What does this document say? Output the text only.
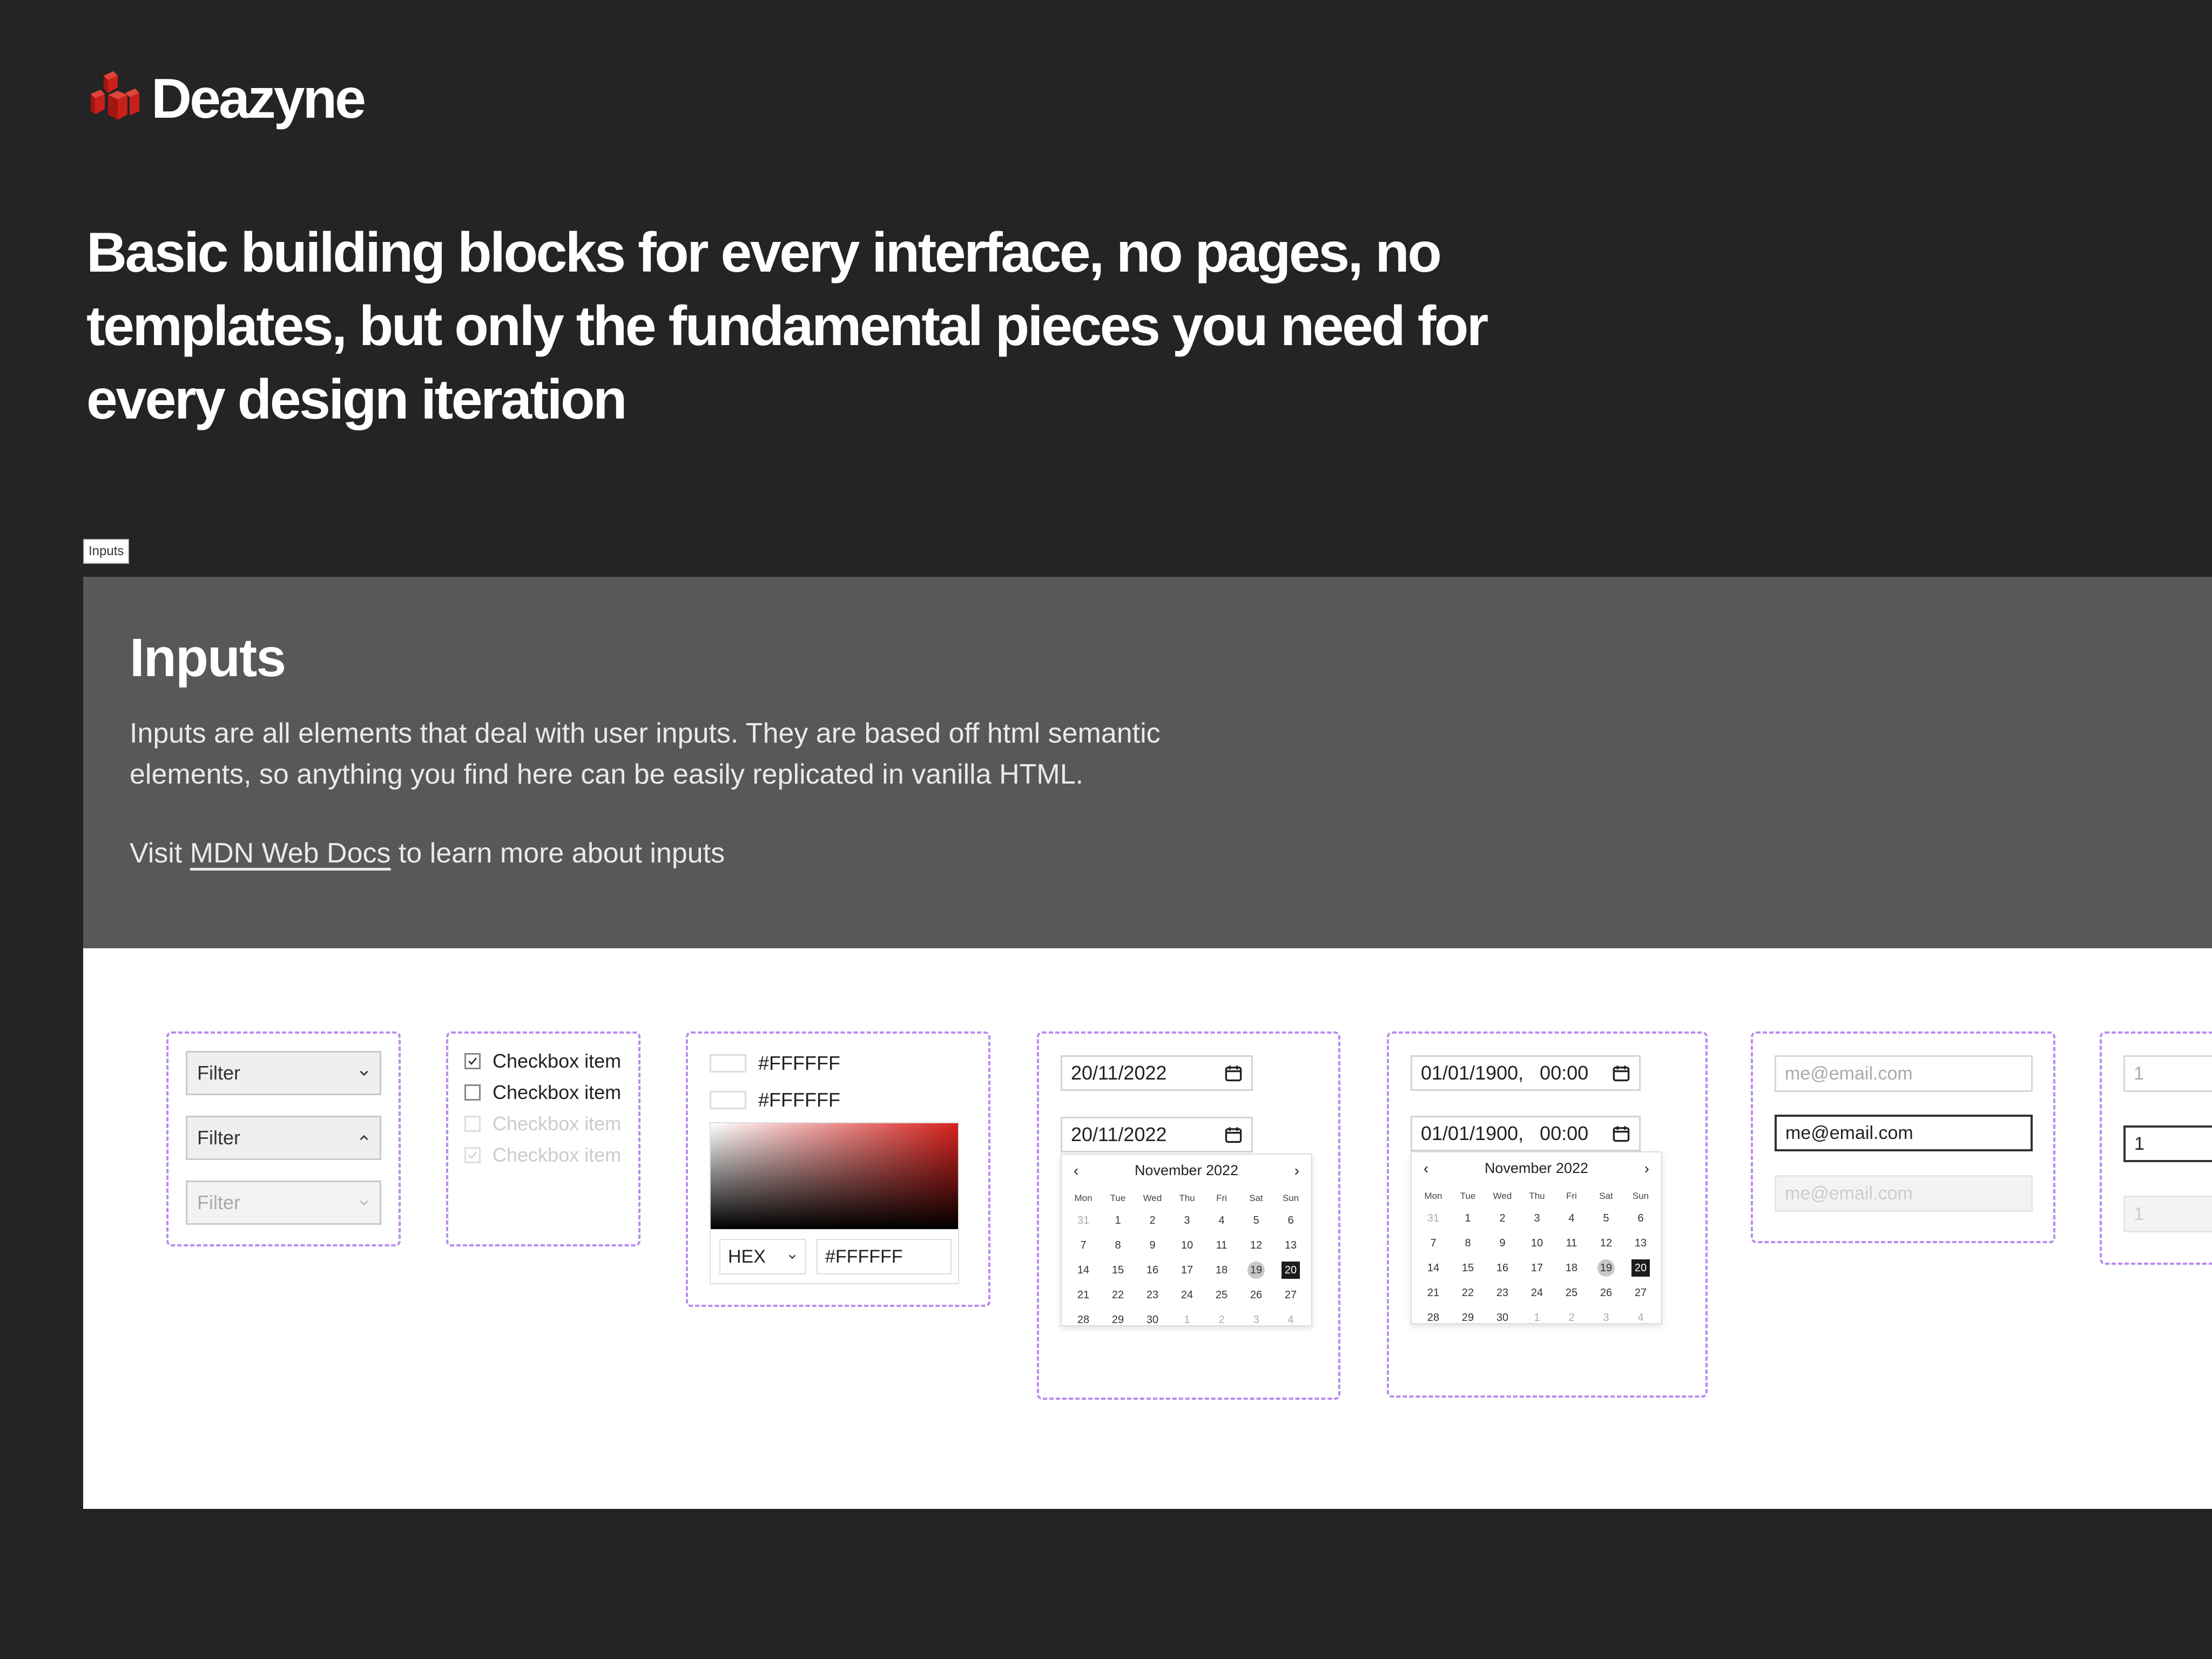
Deazyne
Basic building blocks for every interface, no pages, no templates, but only the fundamental pieces you need for every design iteration
Inputs
Inputs
Inputs are all elements that deal with user inputs. They are based off html semantic elements, so anything you find here can be easily replicated in vanilla HTML.
Visit MDN Web Docs to learn more about inputs
Filter
Filter
Filter
Checkbox item
Checkbox item
Checkbox item
Checkbox item
#FFFFFF
#FFFFFF
HEX	#FFFFFF
20/11/2022
20/11/2022
‹	November 2022	›
Mon	Tue	Wed	Thu	Fri	Sat	Sun
31	1	2	3	4	5	6
7	8	9	10	11	12	13
14	15	16	17	18	19 20
21	22	23	24	25	26	27
28	29	30	1	2	3	4
01/01/1900,   00:00
01/01/1900,   00:00
‹	November 2022	›
Mon	Tue	Wed	Thu	Fri	Sat	Sun
31	1	2	3	4	5	6
7	8	9	10	11	12	13
14	15	16	17	18	19 20
21	22	23	24	25	26	27
28	29	30	1	2	3	4
me@email.com
me@email.com
me@email.com
1
1
1
